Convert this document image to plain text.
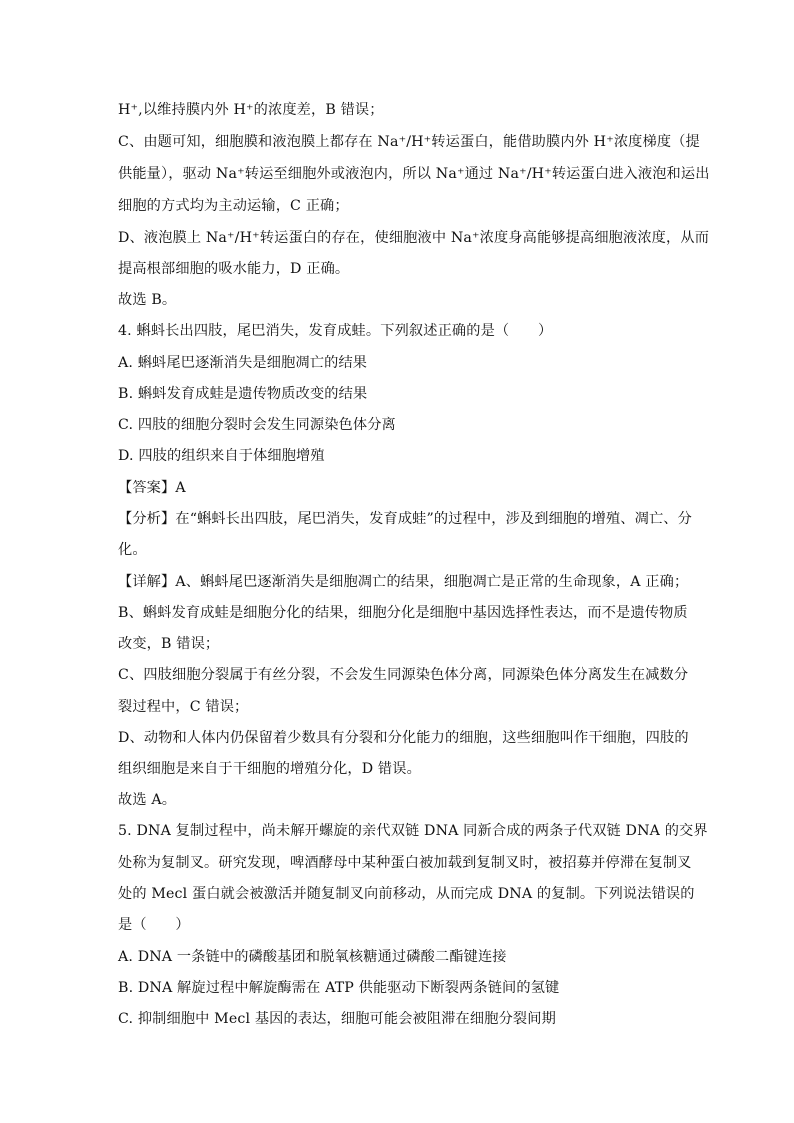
H⁺,以维持膜内外 H⁺的浓度差，B 错误；
C、由题可知，细胞膜和液泡膜上都存在 Na⁺/H⁺转运蛋白，能借助膜内外 H⁺浓度梯度（提
供能量），驱动 Na⁺转运至细胞外或液泡内，所以 Na⁺通过 Na⁺/H⁺转运蛋白进入液泡和运出
细胞的方式均为主动运输，C 正确；
D、液泡膜上 Na⁺/H⁺转运蛋白的存在，使细胞液中 Na⁺浓度身高能够提高细胞液浓度，从而
提高根部细胞的吸水能力，D 正确。
故选 B。
4. 蝌蚪长出四肢，尾巴消失，发育成蛙。下列叙述正确的是（　　）
A. 蝌蚪尾巴逐渐消失是细胞凋亡的结果
B. 蝌蚪发育成蛙是遗传物质改变的结果
C. 四肢的细胞分裂时会发生同源染色体分离
D. 四肢的组织来自于体细胞增殖
【答案】A
【分析】在“蝌蚪长出四肢，尾巴消失，发育成蛙”的过程中，涉及到细胞的增殖、凋亡、分
化。
【详解】A、蝌蚪尾巴逐渐消失是细胞凋亡的结果，细胞凋亡是正常的生命现象，A 正确；
B、蝌蚪发育成蛙是细胞分化的结果，细胞分化是细胞中基因选择性表达，而不是遗传物质
改变，B 错误；
C、四肢细胞分裂属于有丝分裂，不会发生同源染色体分离，同源染色体分离发生在减数分
裂过程中，C 错误；
D、动物和人体内仍保留着少数具有分裂和分化能力的细胞，这些细胞叫作干细胞，四肢的
组织细胞是来自于干细胞的增殖分化，D 错误。
故选 A。
5. DNA 复制过程中，尚未解开螺旋的亲代双链 DNA 同新合成的两条子代双链 DNA 的交界
处称为复制叉。研究发现，啤酒酵母中某种蛋白被加载到复制叉时，被招募并停滞在复制叉
处的 Mecl 蛋白就会被激活并随复制叉向前移动，从而完成 DNA 的复制。下列说法错误的
是（　　）
A. DNA 一条链中的磷酸基团和脱氧核糖通过磷酸二酯键连接
B. DNA 解旋过程中解旋酶需在 ATP 供能驱动下断裂两条链间的氢键
C. 抑制细胞中 Mecl 基因的表达，细胞可能会被阻滞在细胞分裂间期
